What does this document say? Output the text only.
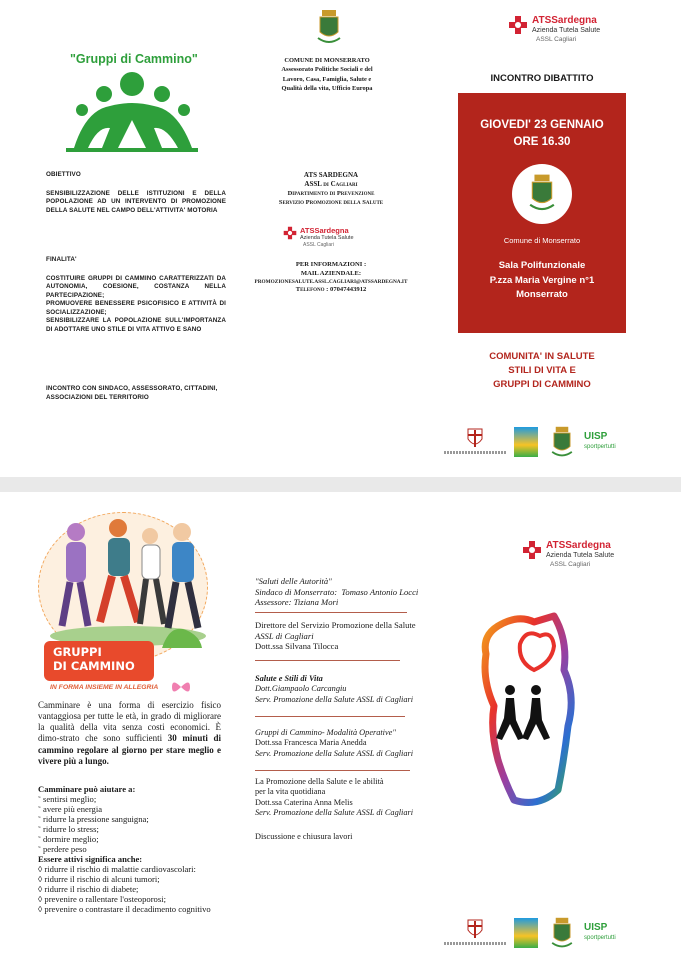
"Gruppi di Cammino"	COMUNE DI MONSERRATO
Assessorato Politiche Sociali e del
Lavoro, Casa, Famiglia, Salute e
Qualità della vita, Ufficio Europa
ATSSardegna
Azienda Tutela Salute
ASSL Cagliari
OBIETTIVO
SENSIBILIZZAZIONE DELLE ISTITUZIONI E DELLA POPOLAZIONE AD UN INTERVENTO DI PROMOZIONE DELLA SALUTE NEL CAMPO DELL'ATTIVITA' MOTORIA
FINALITA'
COSTITUIRE GRUPPI DI CAMMINO CARATTERIZZATI DA AUTONOMIA, COESIONE, COSTANZA NELLA PARTECIPAZIONE;
PROMUOVERE BENESSERE PSICOFISICO E ATTIVITÀ DI SOCIALIZZAZIONE;
SENSIBILIZZARE LA POPOLAZIONE SULL'IMPORTANZA DI ADOTTARE UNO STILE DI VITA ATTIVO E SANO
INCONTRO CON SINDACO, ASSESSORATO, CITTADINI, ASSOCIAZIONI DEL TERRITORIO
ATS SARDEGNA
ASSL di Cagliari
Dipartimento di Prevenzione
Servizio Promozione della Salute
ATSSardegna
Azienda Tutela Salute
ASSL Cagliari
PER INFORMAZIONI :
MAIL AZIENDALE:
PROMOZIONESALUTE.ASSL.CAGLIARI@ATSSARDEGNA.IT
Telefono : 07047443912
INCONTRO DIBATTITO
GIOVEDI' 23 GENNAIO
ORE 16.30
Comune di Monserrato
Sala Polifunzionale
P.zza Maria Vergine n°1
Monserrato
COMUNITA' IN SALUTE
STILI DI VITA E
GRUPPI DI CAMMINO
UISP
sportpertutti
GRUPPI
DI CAMMINO
IN FORMA INSIEME IN ALLEGRIA
Camminare è una forma di esercizio fisico vantaggiosa per tutte le età, in grado di migliorare la qualità della vita senza costi economici. È dimo-strato che sono sufficienti 30 minuti di cammino regolare al giorno per stare meglio e vivere più a lungo.
Camminare può aiutare a:
˜ sentirsi meglio;
˜ avere più energia
˜ ridurre la pressione sanguigna;
˜ ridurre lo stress;
˜ dormire meglio;
˜ perdere peso
Essere attivi significa anche:
◊ ridurre il rischio di malattie cardiovascolari:
◊ ridurre il rischio di alcuni tumori;
◊ ridurre il rischio di diabete;
◊ prevenire o rallentare l'osteoporosi;
◊ prevenire o contrastare il decadimento cognitivo
"Saluti delle Autorità"
Sindaco di Monserrato: Tomaso Antonio Locci
Assessore: Tiziana Mori
Direttore del Servizio Promozione della Salute
ASSL di Cagliari
Dott.ssa Silvana Tilocca
Salute e Stili di Vita
Dott.Giampaolo Carcangiu
Serv. Promozione della Salute ASSL di Cagliari
Gruppi di Cammino- Modalità Operative"
Dott.ssa Francesca Maria Anedda
Serv. Promozione della Salute ASSL di Cagliari
La Promozione della Salute e le abilità
per la vita quotidiana
Dott.ssa Caterina Anna Melis
Serv. Promozione della Salute ASSL di Cagliari
Discussione e chiusura lavori
ATSSardegna
Azienda Tutela Salute
ASSL Cagliari
UISP
sportpertutti
